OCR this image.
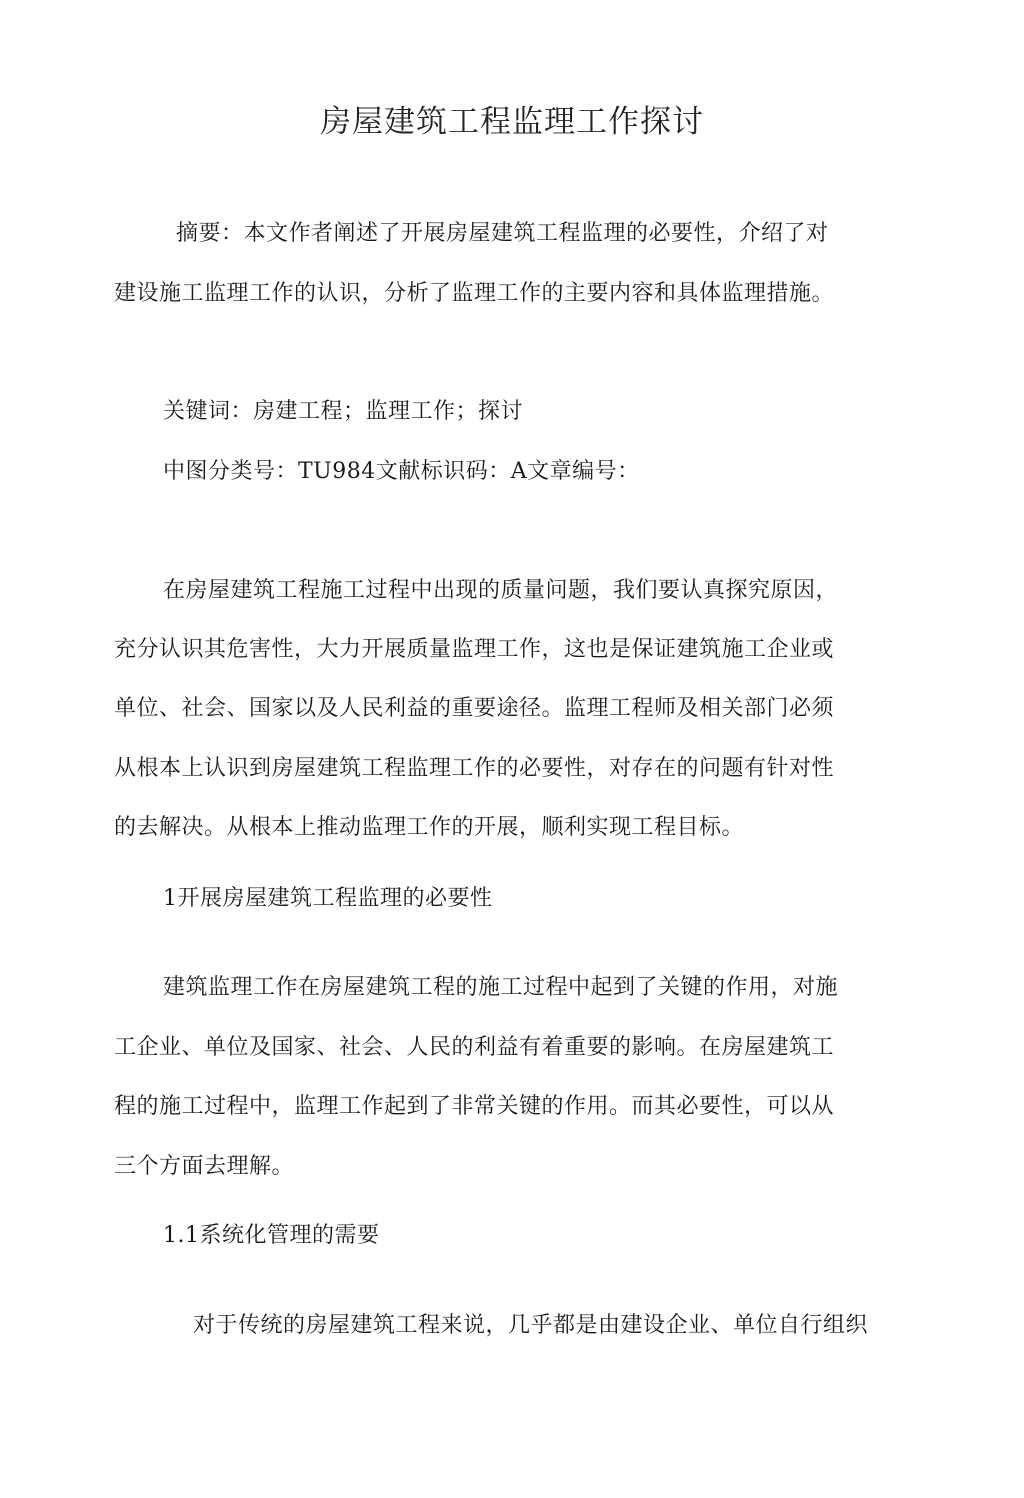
房屋建筑工程监理工作探讨
摘要：本文作者阐述了开展房屋建筑工程监理的必要性，介绍了对
建设施工监理工作的认识，分析了监理工作的主要内容和具体监理措施。
关键词：房建工程；监理工作；探讨
中图分类号：TU984文献标识码：A文章编号：
在房屋建筑工程施工过程中出现的质量问题，我们要认真探究原因，
充分认识其危害性，大力开展质量监理工作，这也是保证建筑施工企业或
单位、社会、国家以及人民利益的重要途径。监理工程师及相关部门必须
从根本上认识到房屋建筑工程监理工作的必要性，对存在的问题有针对性
的去解决。从根本上推动监理工作的开展，顺利实现工程目标。
1开展房屋建筑工程监理的必要性
建筑监理工作在房屋建筑工程的施工过程中起到了关键的作用，对施
工企业、单位及国家、社会、人民的利益有着重要的影响。在房屋建筑工
程的施工过程中，监理工作起到了非常关键的作用。而其必要性，可以从
三个方面去理解。
1.1系统化管理的需要
对于传统的房屋建筑工程来说，几乎都是由建设企业、单位自行组织
